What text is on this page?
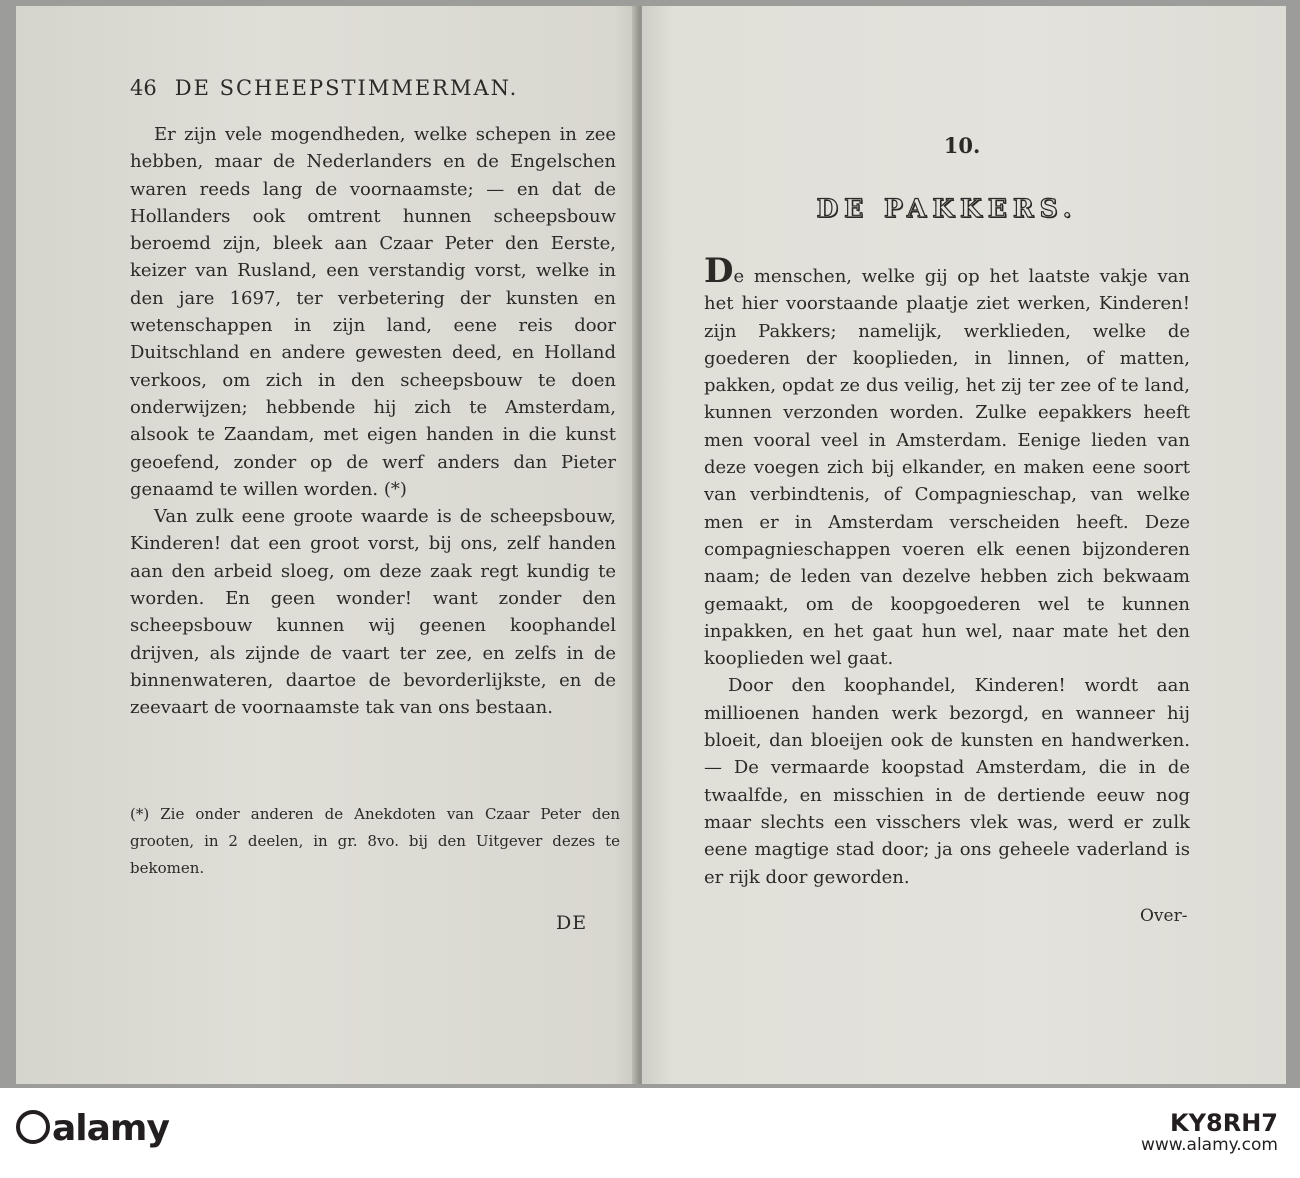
46 DE SCHEEPSTIMMERMAN.

Er zijn vele mogendheden, welke schepen in zee hebben, maar de Nederlanders en de Engelschen waren reeds lang de voornaamste; — en dat de Hollanders ook omtrent hunnen scheepsbouw beroemd zijn, bleek aan Czaar Peter den Eerste, keizer van Rusland, een verstandig vorst, welke in den jare 1697, ter verbetering der kunsten en wetenschappen in zijn land, eene reis door Duitschland en andere gewesten deed, en Holland verkoos, om zich in den scheepsbouw te doen onderwijzen; hebbende hij zich te Amsterdam, alsook te Zaandam, met eigen handen in die kunst geoefend, zonder op de werf anders dan Pieter genaamd te willen worden. (*)

Van zulk eene groote waarde is de scheepsbouw, Kinderen! dat een groot vorst, bij ons, zelf handen aan den arbeid sloeg, om deze zaak regt kundig te worden. En geen wonder! want zonder den scheepsbouw kunnen wij geenen koophandel drijven, als zijnde de vaart ter zee, en zelfs in de binnenwateren, daartoe de bevorderlijkste, en de zeevaart de voornaamste tak van ons bestaan.

(*) Zie onder anderen de Anekdoten van Czaar Peter den grooten, in 2 deelen, in gr. 8vo. bij den Uitgever dezes te bekomen.
DE
10.
DE PAKKERS.

De menschen, welke gij op het laatste vakje van het hier voorstaande plaatje ziet werken, Kinderen! zijn Pakkers; namelijk, werklieden, welke de goederen der kooplieden, in linnen, of matten, pakken, opdat ze dus veilig, het zij ter zee of te land, kunnen verzonden worden. Zulke eepakkers heeft men vooral veel in Amsterdam. Eenige lieden van deze voegen zich bij elkander, en maken eene soort van verbindtenis, of Compagnieschap, van welke men er in Amsterdam verscheiden heeft. Deze compagnieschappen voeren elk eenen bijzonderen naam; de leden van dezelve hebben zich bekwaam gemaakt, om de koopgoederen wel te kunnen inpakken, en het gaat hun wel, naar mate het den kooplieden wel gaat.

Door den koophandel, Kinderen! wordt aan millioenen handen werk bezorgd, en wanneer hij bloeit, dan bloeijen ook de kunsten en handwerken. — De vermaarde koopstad Amsterdam, die in de twaalfde, en misschien in de dertiende eeuw nog maar slechts een visschers vlek was, werd er zulk eene magtige stad door; ja ons geheele vaderland is er rijk door geworden.

Over-
alamy	KY8RH7
www.alamy.com
